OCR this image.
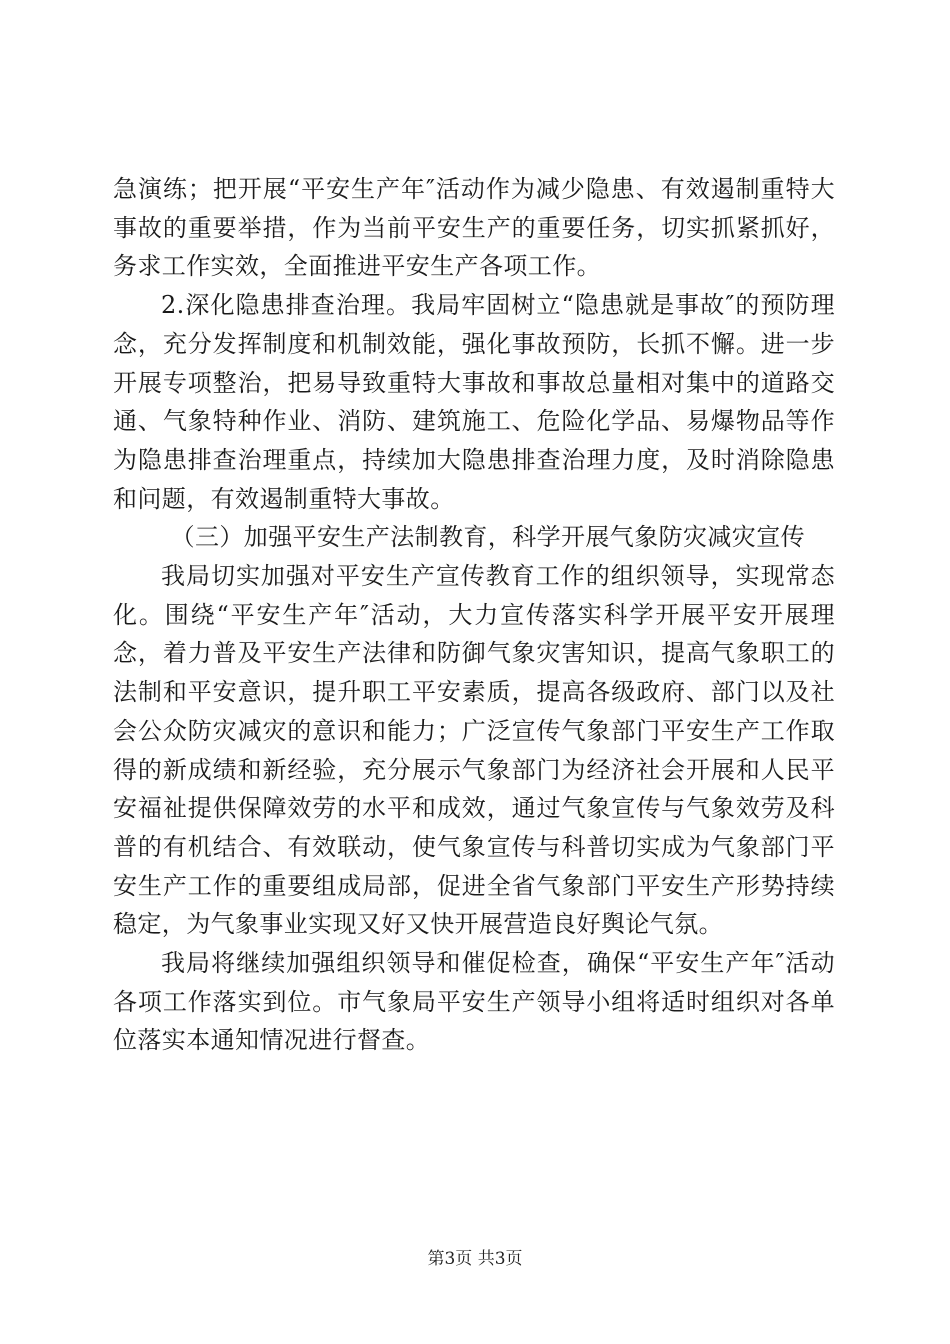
急演练；把开展“平安生产年″活动作为减少隐患、有效遏制重特大事故的重要举措，作为当前平安生产的重要任务，切实抓紧抓好，务求工作实效，全面推进平安生产各项工作。

2.深化隐患排查治理。我局牢固树立“隐患就是事故″的预防理念，充分发挥制度和机制效能，强化事故预防，长抓不懈。进一步开展专项整治，把易导致重特大事故和事故总量相对集中的道路交通、气象特种作业、消防、建筑施工、危险化学品、易爆物品等作为隐患排查治理重点，持续加大隐患排查治理力度，及时消除隐患和问题，有效遏制重特大事故。

（三）加强平安生产法制教育，科学开展气象防灾减灾宣传

我局切实加强对平安生产宣传教育工作的组织领导，实现常态化。围绕“平安生产年″活动，大力宣传落实科学开展平安开展理念，着力普及平安生产法律和防御气象灾害知识，提高气象职工的法制和平安意识，提升职工平安素质，提高各级政府、部门以及社会公众防灾减灾的意识和能力；广泛宣传气象部门平安生产工作取得的新成绩和新经验，充分展示气象部门为经济社会开展和人民平安福祉提供保障效劳的水平和成效，通过气象宣传与气象效劳及科普的有机结合、有效联动，使气象宣传与科普切实成为气象部门平安生产工作的重要组成局部，促进全省气象部门平安生产形势持续稳定，为气象事业实现又好又快开展营造良好舆论气氛。

我局将继续加强组织领导和催促检查，确保“平安生产年″活动各项工作落实到位。市气象局平安生产领导小组将适时组织对各单位落实本通知情况进行督查。

第3页 共3页
